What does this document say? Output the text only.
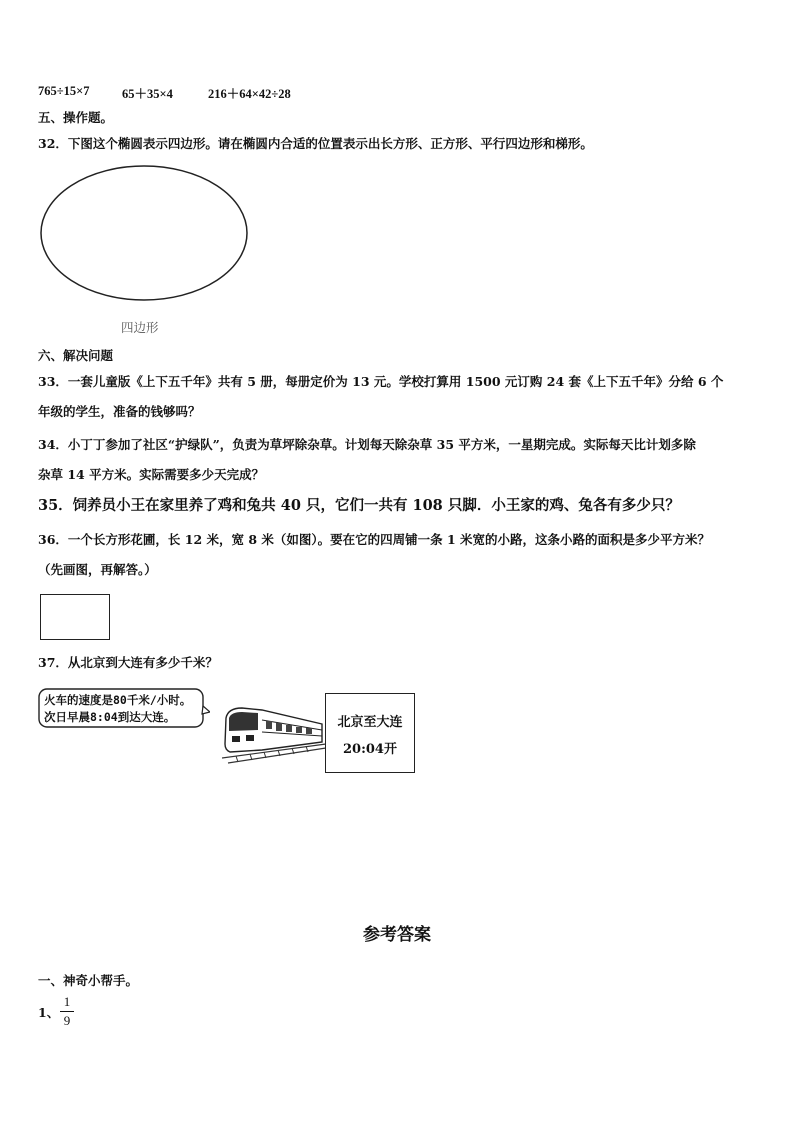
765÷15×7	65＋35×4	216＋64×42÷28
五、操作题。
32．下图这个椭圆表示四边形。请在椭圆内合适的位置表示出长方形、正方形、平行四边形和梯形。
四边形
六、解决问题
33．一套儿童版《上下五千年》共有 5 册，每册定价为 13 元。学校打算用 1500 元订购 24 套《上下五千年》分给 6 个
年级的学生，准备的钱够吗？
34．小丁丁参加了社区“护绿队”，负责为草坪除杂草。计划每天除杂草 35 平方米，一星期完成。实际每天比计划多除
杂草 14 平方米。实际需要多少天完成？
35．饲养员小王在家里养了鸡和兔共 40 只，它们一共有 108 只脚．小王家的鸡、兔各有多少只？
36．一个长方形花圃，长 12 米，宽 8 米（如图）。要在它的四周铺一条 1 米宽的小路，这条小路的面积是多少平方米？
（先画图，再解答。）
37．从北京到大连有多少千米？
火车的速度是80千米/小时。
次日早晨8:04到达大连。	北京至大连
20:04开
参考答案
一、神奇小帮手。
1、
1
9
